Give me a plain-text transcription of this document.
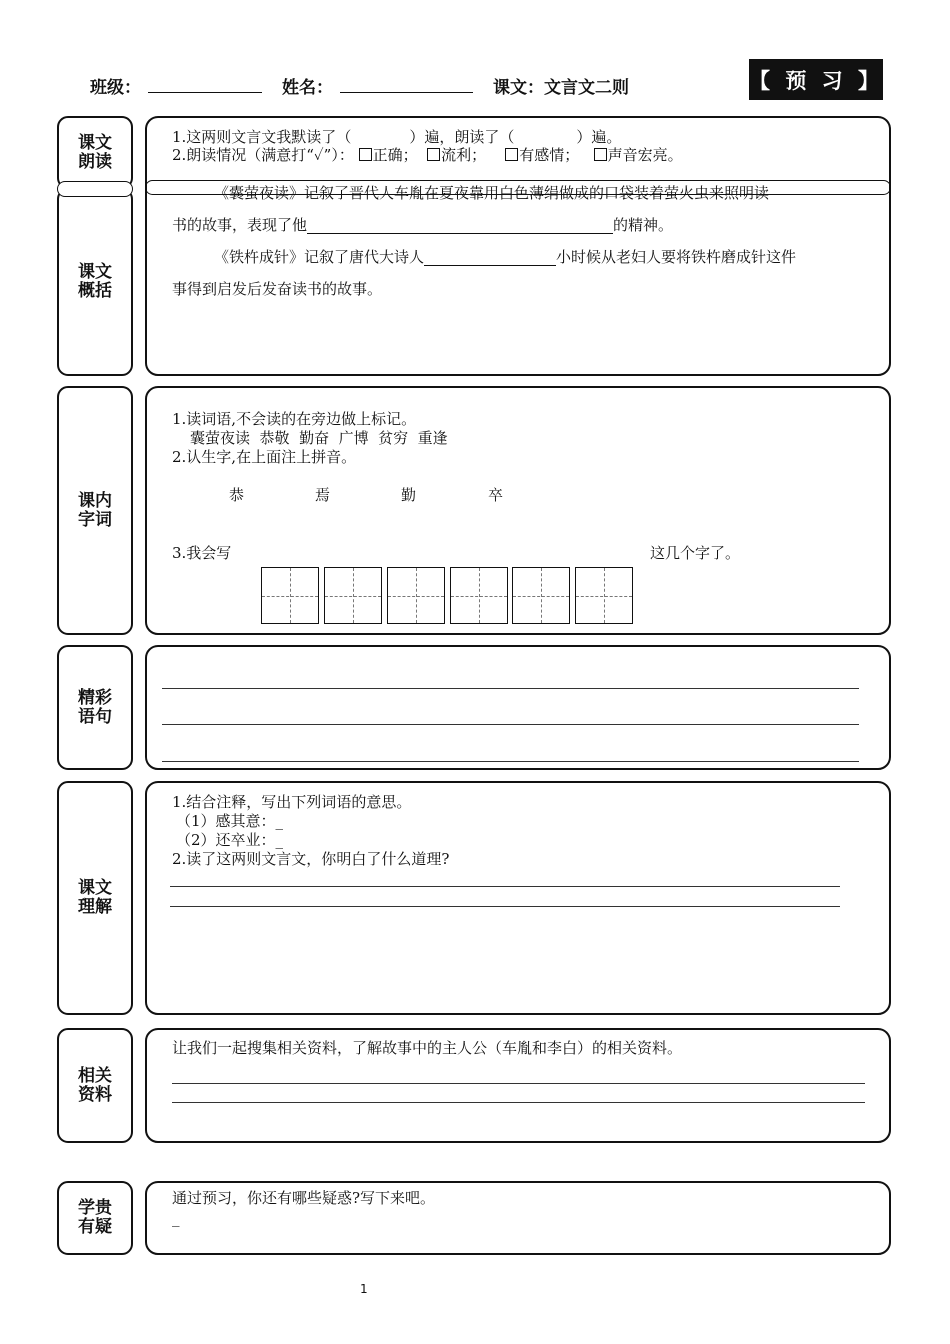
班级：	姓名：	课文：文言文二则	【 预 习 】
课文
朗读
课文
概括
1.这两则文言文我默读了（	）遍，朗读了（	）遍。
2.朗读情况（满意打“✓”）： 正确； 流利； 有感情； 声音宏亮。
《囊萤夜读》记叙了晋代人车胤在夏夜靠用白色薄绢做成的口袋装着萤火虫来照明读
书的故事，表现了他	的精神。
《铁杵成针》记叙了唐代大诗人	小时候从老妇人要将铁杵磨成针这件
事得到启发后发奋读书的故事。
课内
字词
1.读词语,不会读的在旁边做上标记。
囊萤夜读  恭敬  勤奋  广博  贫穷  重逢
2.认生字,在上面注上拼音。
恭	焉	勤	卒
3.我会写	这几个字了。
精彩
语句
课文
理解
1.结合注释，写出下列词语的意思。
（1）感其意：_
（2）还卒业：_
2.读了这两则文言文，你明白了什么道理?
相关
资料
让我们一起搜集相关资料，了解故事中的主人公（车胤和李白）的相关资料。
学贵
有疑
通过预习，你还有哪些疑惑?写下来吧。
_
1
